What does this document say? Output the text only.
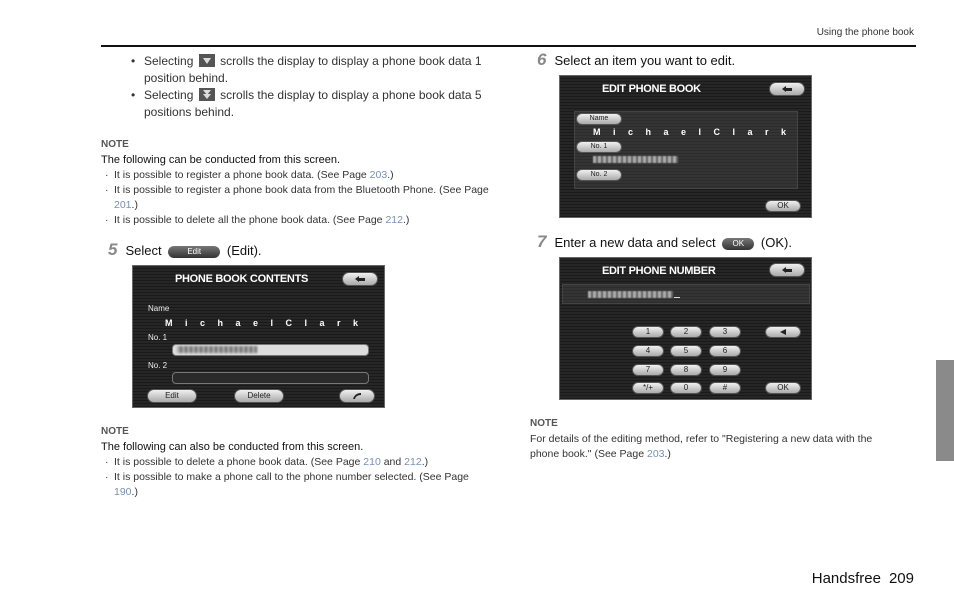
Using the phone book
Handsfree 209
• Selecting scrolls the display to display a phone book data 1 position behind.
• Selecting scrolls the display to display a phone book data 5 positions behind.
NOTE
The following can be conducted from this screen.
· It is possible to register a phone book data. (See Page 203.)
· It is possible to register a phone book data from the Bluetooth Phone. (See Page 201.)
· It is possible to delete all the phone book data. (See Page 212.)
5 Select	Edit (Edit).
PHONE BOOK CONTENTS
Name
M i c h a e l C l a r k
No. 1
No. 2
Edit	Delete
NOTE
The following can also be conducted from this screen.
· It is possible to delete a phone book data. (See Page 210 and 212.)
· It is possible to make a phone call to the phone number selected. (See Page 190.)
6 Select an item you want to edit.
EDIT PHONE BOOK
Name
M i c h a e l C l a r k
No. 1
No. 2
OK
7 Enter a new data and select OK (OK).
EDIT PHONE NUMBER
1	2	3
4	5	6
7	8	9
*/+	0	#	OK
NOTE
For details of the editing method, refer to "Registering a new data with the phone book." (See Page 203.)
